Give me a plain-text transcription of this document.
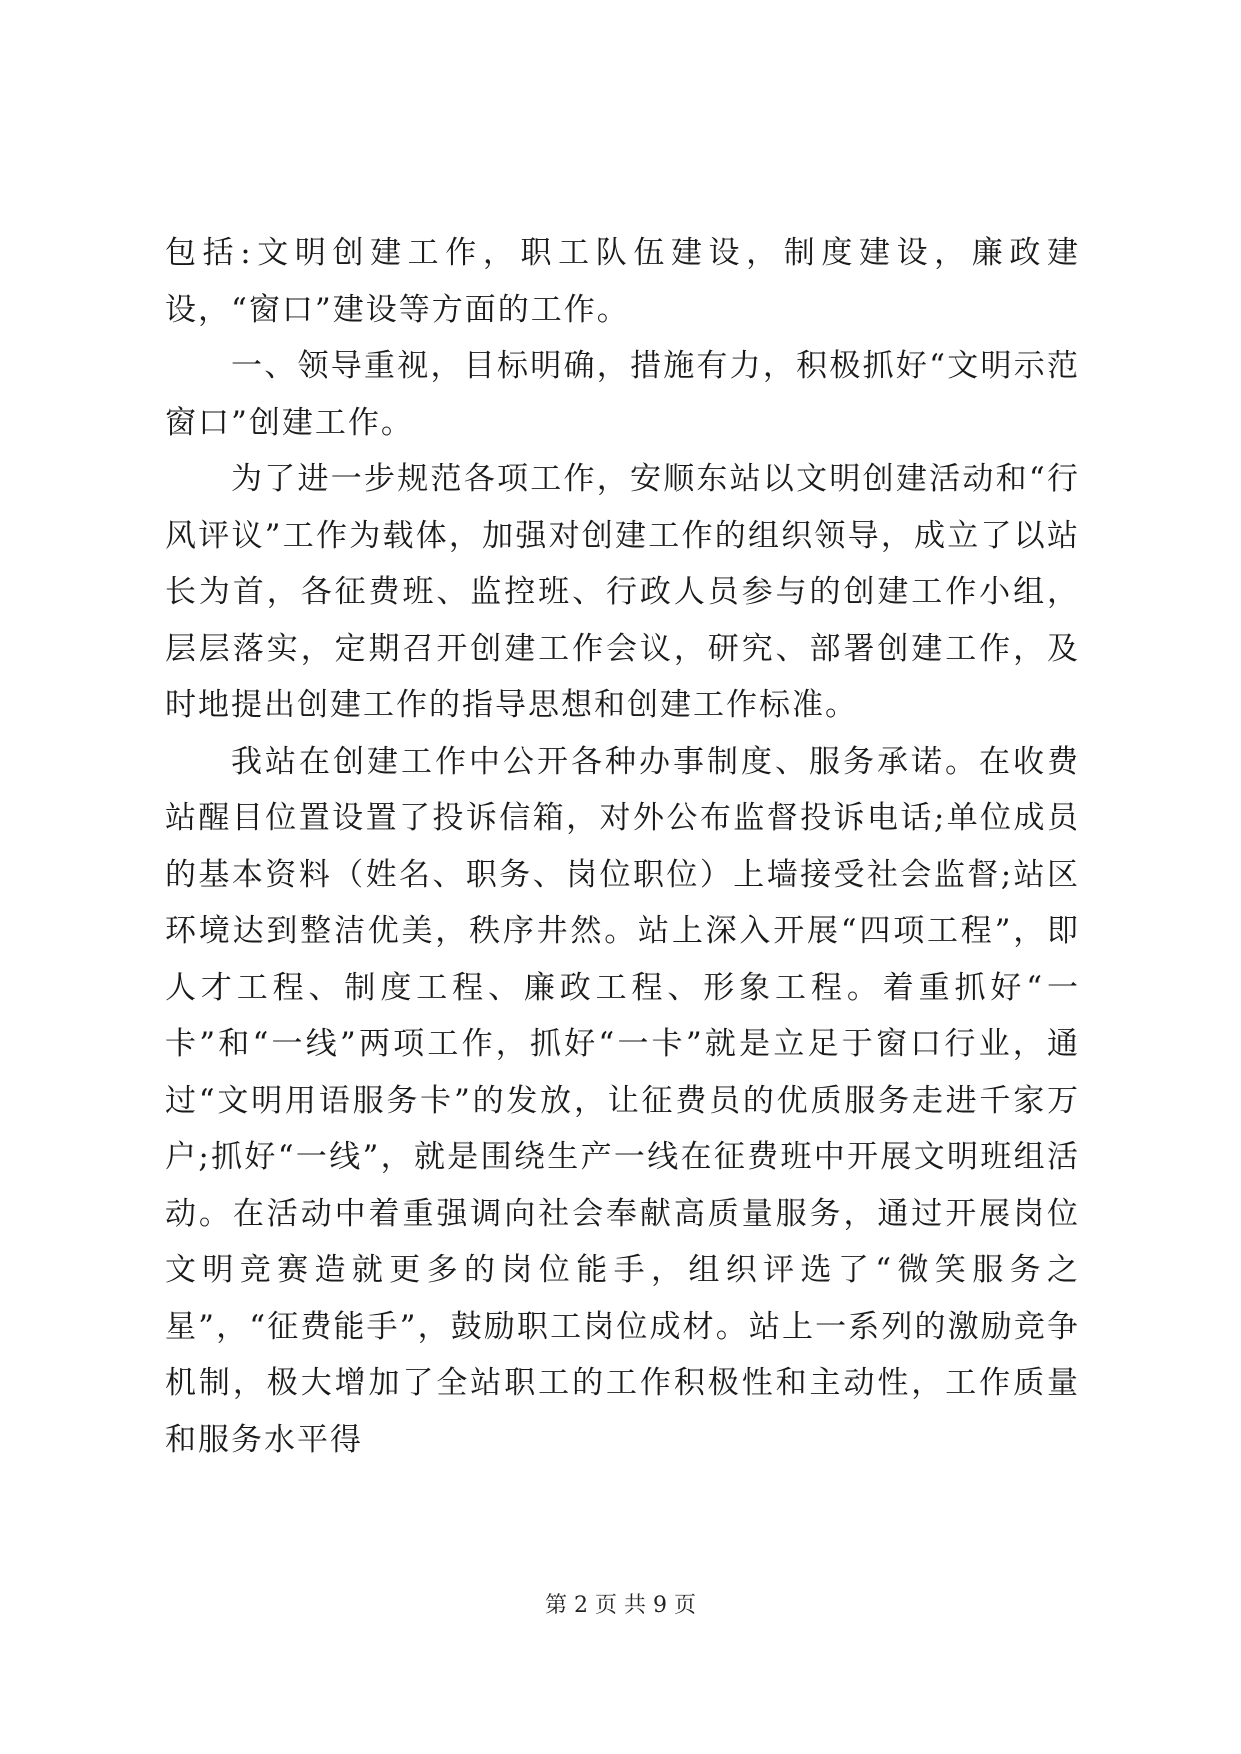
包括:文明创建工作，职工队伍建设，制度建设，廉政建设，“窗口”建设等方面的工作。

一、领导重视，目标明确，措施有力，积极抓好“文明示范窗口”创建工作。

为了进一步规范各项工作，安顺东站以文明创建活动和“行风评议”工作为载体，加强对创建工作的组织领导，成立了以站长为首，各征费班、监控班、行政人员参与的创建工作小组，层层落实，定期召开创建工作会议，研究、部署创建工作，及时地提出创建工作的指导思想和创建工作标准。

我站在创建工作中公开各种办事制度、服务承诺。在收费站醒目位置设置了投诉信箱，对外公布监督投诉电话;单位成员的基本资料（姓名、职务、岗位职位）上墙接受社会监督;站区环境达到整洁优美，秩序井然。站上深入开展“四项工程”，即人才工程、制度工程、廉政工程、形象工程。着重抓好“一卡”和“一线”两项工作，抓好“一卡”就是立足于窗口行业，通过“文明用语服务卡”的发放，让征费员的优质服务走进千家万户;抓好“一线”，就是围绕生产一线在征费班中开展文明班组活动。在活动中着重强调向社会奉献高质量服务，通过开展岗位文明竞赛造就更多的岗位能手，组织评选了“微笑服务之星”，“征费能手”，鼓励职工岗位成材。站上一系列的激励竞争机制，极大增加了全站职工的工作积极性和主动性，工作质量和服务水平得

第 2 页 共 9 页
